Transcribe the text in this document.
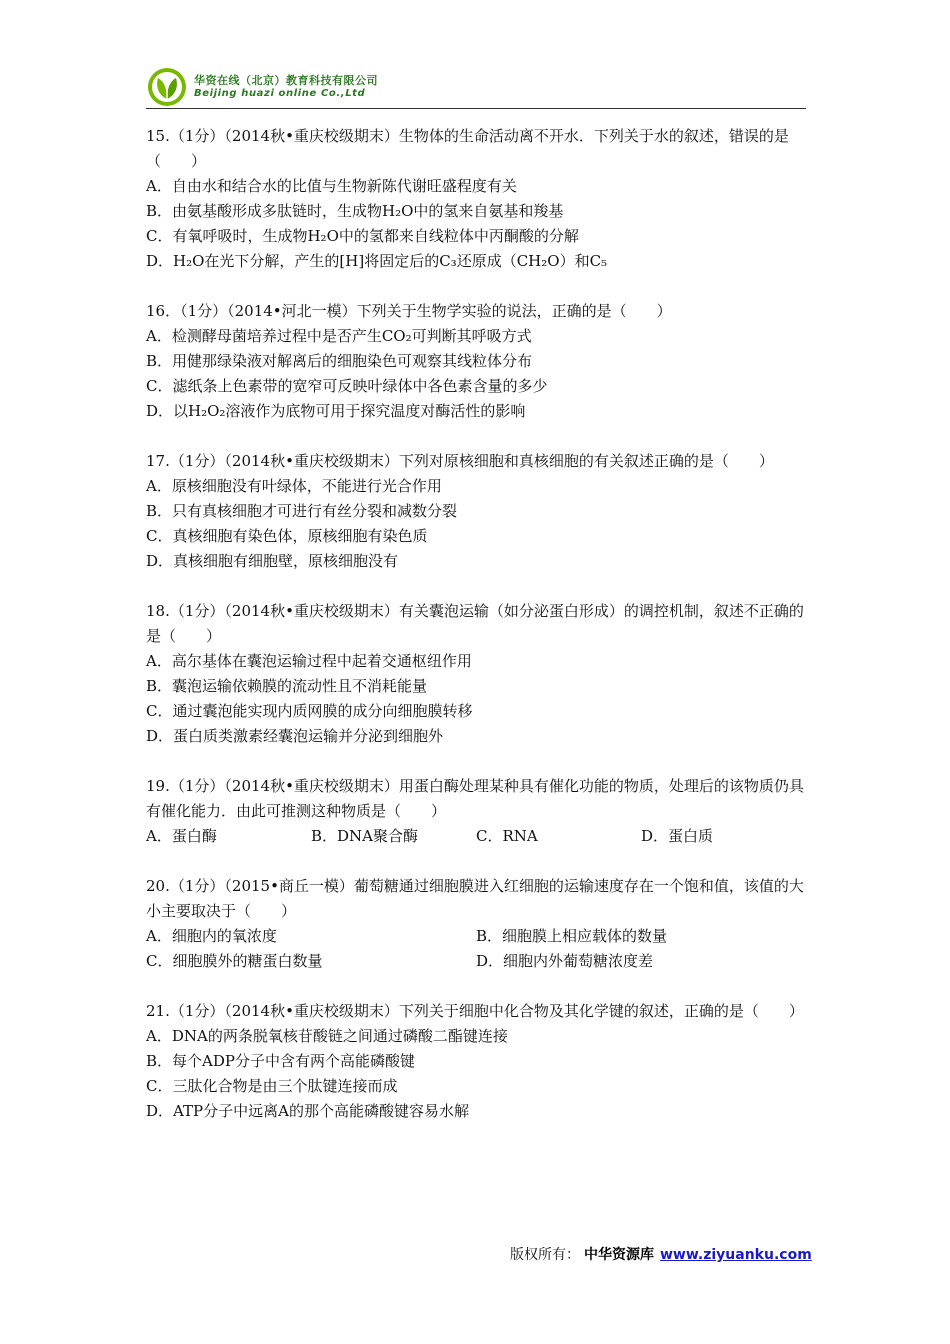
华资在线（北京）教育科技有限公司
Beijing huazi online Co.,Ltd
15.（1分）（2014秋•重庆校级期末）生物体的生命活动离不开水．下列关于水的叙述，错误的是（　　）
A．自由水和结合水的比值与生物新陈代谢旺盛程度有关
B．由氨基酸形成多肽链时，生成物H₂O中的氢来自氨基和羧基
C．有氧呼吸时，生成物H₂O中的氢都来自线粒体中丙酮酸的分解
D．H₂O在光下分解，产生的[H]将固定后的C₃还原成（CH₂O）和C₅
16．（1分）（2014•河北一模）下列关于生物学实验的说法，正确的是（　　）
A．检测酵母菌培养过程中是否产生CO₂可判断其呼吸方式
B．用健那绿染液对解离后的细胞染色可观察其线粒体分布
C．滤纸条上色素带的宽窄可反映叶绿体中各色素含量的多少
D．以H₂O₂溶液作为底物可用于探究温度对酶活性的影响
17.（1分）（2014秋•重庆校级期末）下列对原核细胞和真核细胞的有关叙述正确的是（　　）
A．原核细胞没有叶绿体，不能进行光合作用
B．只有真核细胞才可进行有丝分裂和减数分裂
C．真核细胞有染色体，原核细胞有染色质
D．真核细胞有细胞壁，原核细胞没有
18.（1分）（2014秋•重庆校级期末）有关囊泡运输（如分泌蛋白形成）的调控机制，叙述不正确的是（　　）
A．高尔基体在囊泡运输过程中起着交通枢纽作用
B．囊泡运输依赖膜的流动性且不消耗能量
C．通过囊泡能实现内质网膜的成分向细胞膜转移
D．蛋白质类激素经囊泡运输并分泌到细胞外
19.（1分）（2014秋•重庆校级期末）用蛋白酶处理某种具有催化功能的物质，处理后的该物质仍具有催化能力．由此可推测这种物质是（　　）
A．蛋白酶	B．DNA聚合酶	C．RNA	D．蛋白质
20.（1分）（2015•商丘一模）葡萄糖通过细胞膜进入红细胞的运输速度存在一个饱和值，该值的大小主要取决于（　　）
A．细胞内的氧浓度	B．细胞膜上相应载体的数量
C．细胞膜外的糖蛋白数量	D．细胞内外葡萄糖浓度差
21.（1分）（2014秋•重庆校级期末）下列关于细胞中化合物及其化学键的叙述，正确的是（　　）
A．DNA的两条脱氧核苷酸链之间通过磷酸二酯键连接
B．每个ADP分子中含有两个高能磷酸键
C．三肽化合物是由三个肽键连接而成
D．ATP分子中远离A的那个高能磷酸键容易水解
版权所有： 中华资源库 www.ziyuanku.com
